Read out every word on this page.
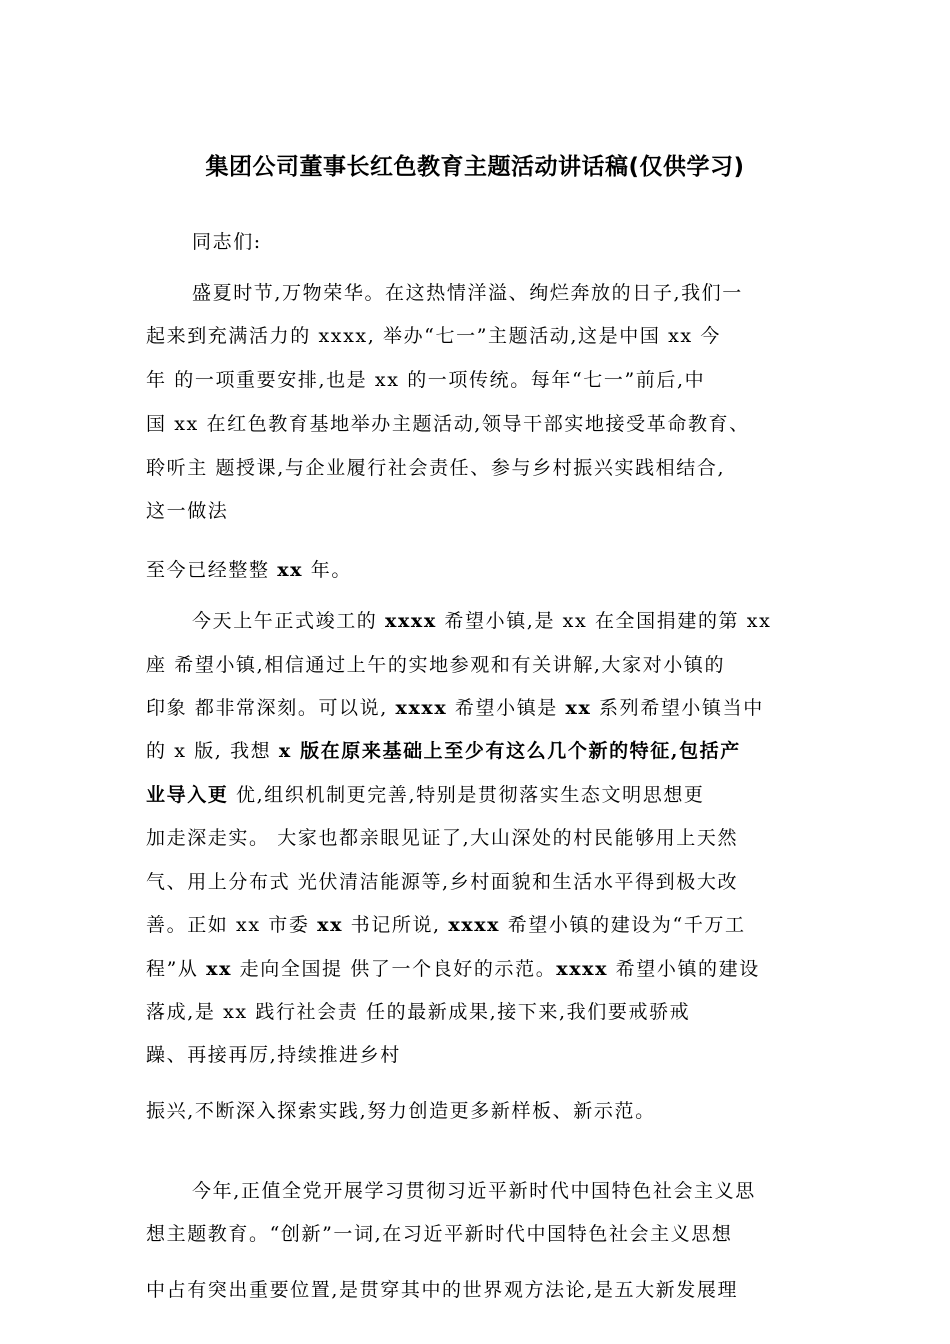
集团公司董事长红色教育主题活动讲话稿(仅供学习)
同志们:
盛夏时节,万物荣华。在这热情洋溢、绚烂奔放的日子,我们一
起来到充满活力的 xxxx, 举办“七一”主题活动,这是中国 xx 今
年 的一项重要安排,也是 xx 的一项传统。每年“七一”前后,中
国 xx 在红色教育基地举办主题活动,领导干部实地接受革命教育、
聆听主 题授课,与企业履行社会责任、参与乡村振兴实践相结合,
这一做法
至今已经整整 xx 年。
今天上午正式竣工的 xxxx 希望小镇,是 xx 在全国捐建的第 xx
座 希望小镇,相信通过上午的实地参观和有关讲解,大家对小镇的
印象 都非常深刻。可以说, xxxx 希望小镇是 xx 系列希望小镇当中
的 x 版, 我想 x 版在原来基础上至少有这么几个新的特征,包括产
业导入更 优,组织机制更完善,特别是贯彻落实生态文明思想更
加走深走实。 大家也都亲眼见证了,大山深处的村民能够用上天然
气、用上分布式 光伏清洁能源等,乡村面貌和生活水平得到极大改
善。正如 xx 市委 xx 书记所说, xxxx 希望小镇的建设为“千万工
程”从 xx 走向全国提 供了一个良好的示范。xxxx 希望小镇的建设
落成,是 xx 践行社会责 任的最新成果,接下来,我们要戒骄戒
躁、再接再厉,持续推进乡村
振兴,不断深入探索实践,努力创造更多新样板、新示范。
今年,正值全党开展学习贯彻习近平新时代中国特色社会主义思
想主题教育。“创新”一词,在习近平新时代中国特色社会主义思想
中占有突出重要位置,是贯穿其中的世界观方法论,是五大新发展理
